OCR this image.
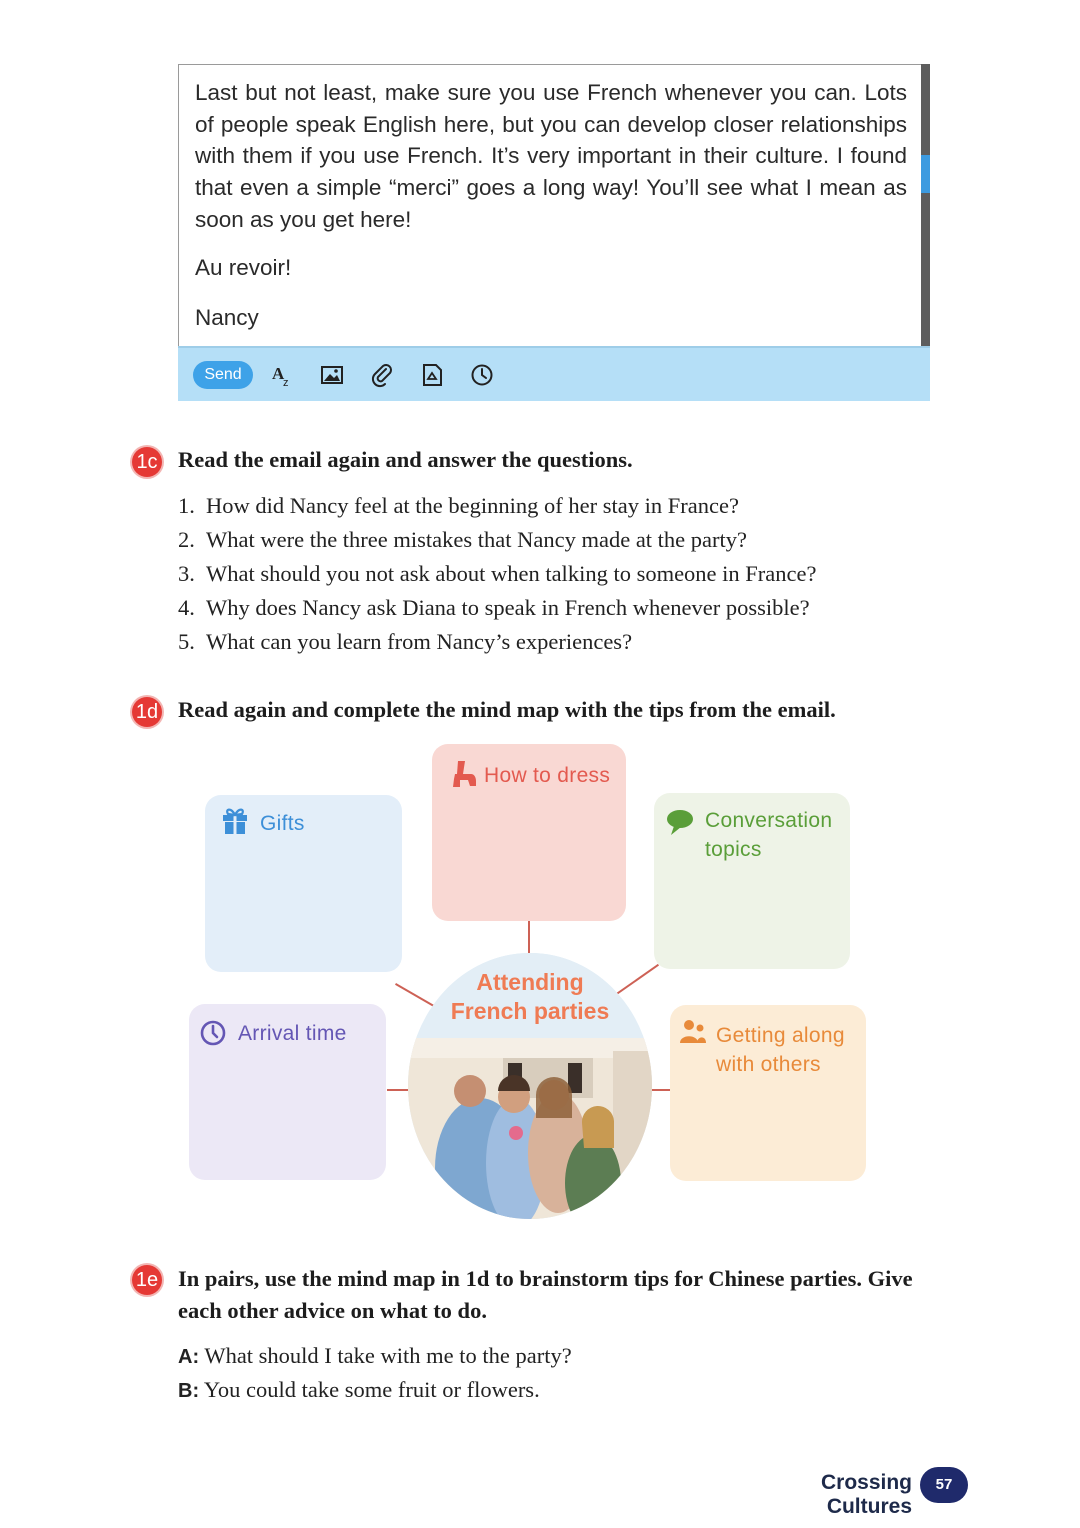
Last but not least, make sure you use French whenever you can. Lots of people speak English here, but you can develop closer relationships with them if you use French. It’s very important in their culture. I found that even a simple “merci” goes a long way! You’ll see what I mean as soon as you get here!

Au revoir!

Nancy

Send	A
z
1c Read the email again and answer the questions.

1. How did Nancy feel at the beginning of her stay in France?
2. What were the three mistakes that Nancy made at the party?
3. What should you not ask about when talking to someone in France?
4. Why does Nancy ask Diana to speak in French whenever possible?
5. What can you learn from Nancy’s experiences?
1d Read again and complete the mind map with the tips from the email.

Gifts

How to dress

Conversation
topics

Arrival time	Getting along
with others

Attending
French parties

1e In pairs, use the mind map in 1d to brainstorm tips for Chinese parties. Give

each other advice on what to do.

A: What should I take with me to the party?

B: You could take some fruit or flowers.

Crossing Cultures

57
